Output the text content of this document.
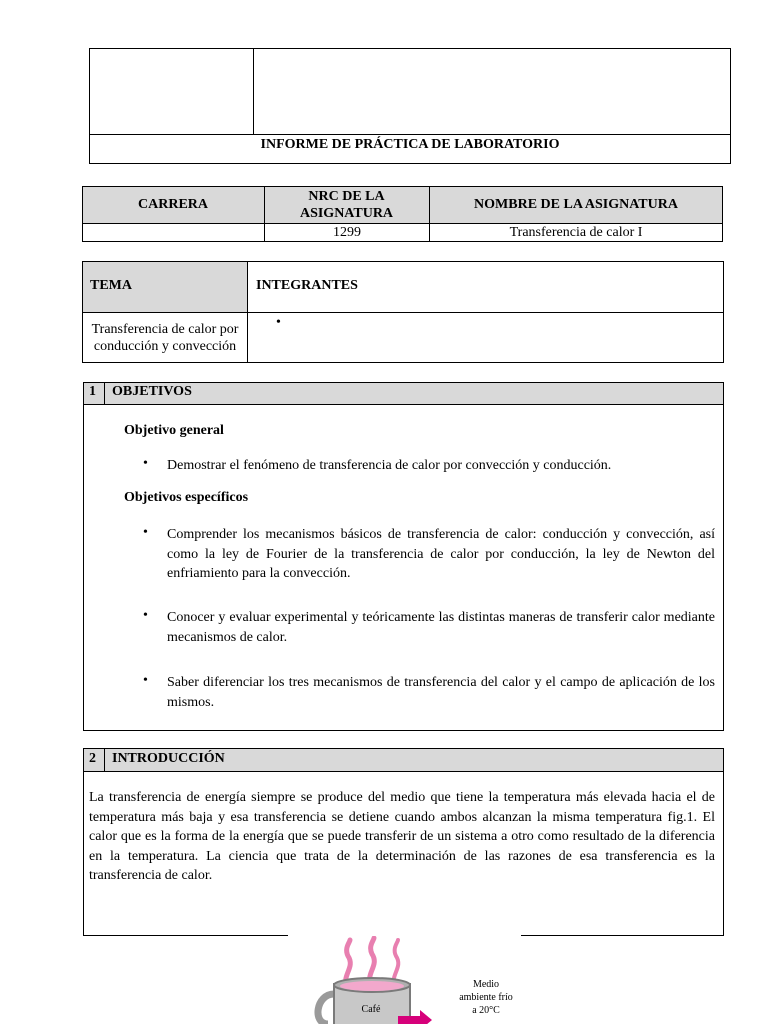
INFORME DE PRÁCTICA DE LABORATORIO
CARRERA
NRC DE LA ASIGNATURA
NOMBRE DE LA ASIGNATURA
1299	Transferencia de calor I
TEMA	INTEGRANTES
Transferencia de calor por conducción y convección
•
1 OBJETIVOS
Objetivo general
• Demostrar el fenómeno de transferencia de calor por convección y conducción.
Objetivos específicos
• Comprender los mecanismos básicos de transferencia de calor: conducción y convección, así como la ley de Fourier de la transferencia de calor por conducción, la ley de Newton del enfriamiento para la convección.
• Conocer y evaluar experimental y teóricamente las distintas maneras de transferir calor mediante mecanismos de calor.
• Saber diferenciar los tres mecanismos de transferencia del calor y el campo de aplicación de los mismos.
2 INTRODUCCIÓN
La transferencia de energía siempre se produce del medio que tiene la temperatura más elevada hacia el de temperatura más baja y esa transferencia se detiene cuando ambos alcanzan la misma temperatura fig.1. El calor que es la forma de la energía que se puede transferir de un sistema a otro como resultado de la diferencia en la temperatura. La ciencia que trata de la determinación de las razones de esa transferencia es la transferencia de calor.
Café
Medio
ambiente frío
a 20°C
